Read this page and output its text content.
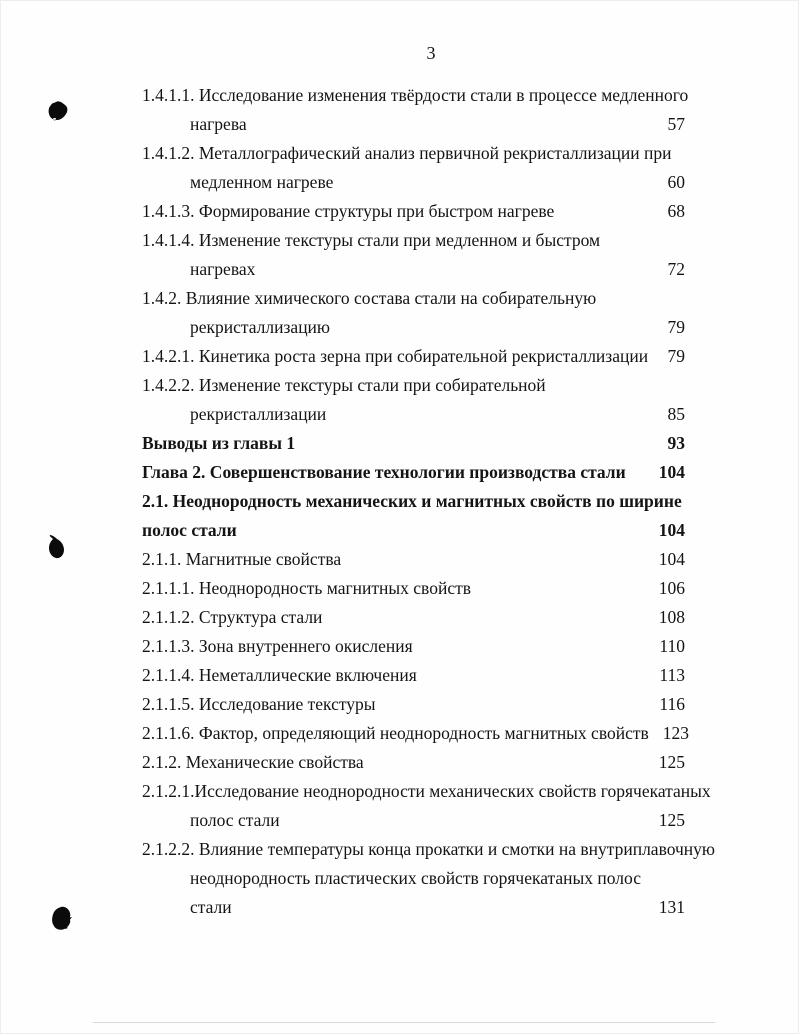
3
1.4.1.1. Исследование изменения твёрдости стали в процессе медленного
нагрева	57
1.4.1.2. Металлографический анализ первичной рекристаллизации при
медленном нагреве	60
1.4.1.3. Формирование структуры при быстром нагреве	68
1.4.1.4. Изменение текстуры стали при медленном и быстром
нагревах	72
1.4.2. Влияние химического состава стали на собирательную
рекристаллизацию	79
1.4.2.1. Кинетика роста зерна при собирательной рекристаллизации	79
1.4.2.2. Изменение текстуры стали при собирательной
рекристаллизации	85
Выводы из главы 1	93
Глава 2. Совершенствование технологии производства стали	104
2.1. Неоднородность механических и магнитных свойств по ширине
полос стали	104
2.1.1. Магнитные свойства	104
2.1.1.1. Неоднородность магнитных свойств	106
2.1.1.2. Структура стали	108
2.1.1.3. Зона внутреннего окисления	110
2.1.1.4. Неметаллические включения	113
2.1.1.5. Исследование текстуры	116
2.1.1.6. Фактор, определяющий неоднородность магнитных свойств 123
2.1.2. Механические свойства	125
2.1.2.1.Исследование неоднородности механических свойств горячекатаных
полос стали	125
2.1.2.2. Влияние температуры конца прокатки и смотки на внутриплавочную
неоднородность пластических свойств горячекатаных полос
стали	131
